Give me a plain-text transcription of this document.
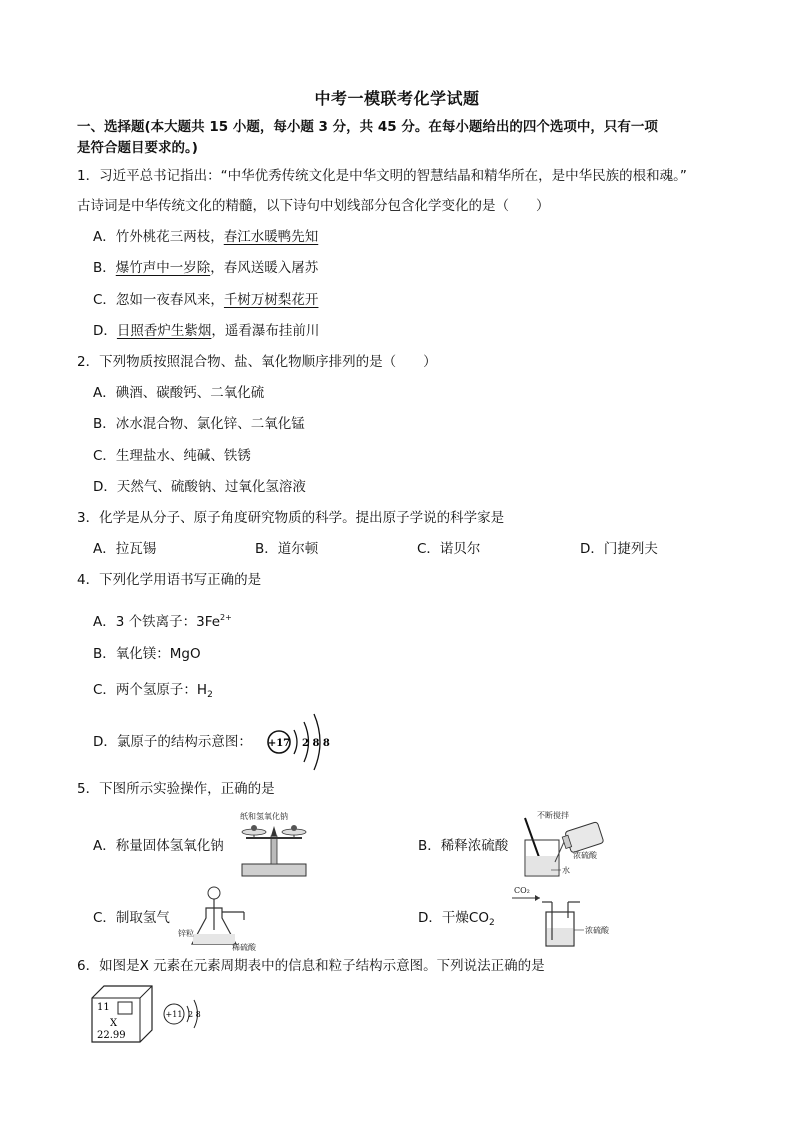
中考一模联考化学试题
一、选择题(本大题共 15 小题，每小题 3 分，共 45 分。在每小题给出的四个选项中，只有一项
是符合题目要求的。)
1．习近平总书记指出：“中华优秀传统文化是中华文明的智慧结晶和精华所在，是中华民族的根和魂。”
古诗词是中华传统文化的精髓，以下诗句中划线部分包含化学变化的是（　　）
A．竹外桃花三两枝，春江水暖鸭先知
B．爆竹声中一岁除，春风送暖入屠苏
C．忽如一夜春风来，千树万树梨花开
D．日照香炉生紫烟，遥看瀑布挂前川
2．下列物质按照混合物、盐、氧化物顺序排列的是（　　）
A．碘酒、碳酸钙、二氧化硫
B．冰水混合物、氯化锌、二氧化锰
C．生理盐水、纯碱、铁锈
D．天然气、硫酸钠、过氧化氢溶液
3．化学是从分子、原子角度研究物质的科学。提出原子学说的科学家是
A．拉瓦锡	B．道尔顿	C．诺贝尔	D．门捷列夫
4．下列化学用语书写正确的是
A．3 个铁离子：$3Fe^{2+}$
B．氧化镁：MgO
C．两个氢原子：$H_2$
D．氯原子的结构示意图： +17 2 8 8
5．下图所示实验操作，正确的是
A．称量固体氢氧化钠	B．稀释浓硫酸
C．制取氢气	D．干燥$CO_2$
纸和氢氧化钠	不断搅拌
浓硫酸
水
锌粒
稀硫酸
CO₂
浓硫酸
6．如图是X 元素在元素周期表中的信息和粒子结构示意图。下列说法正确的是
11
X
22.99
+11 2 8
